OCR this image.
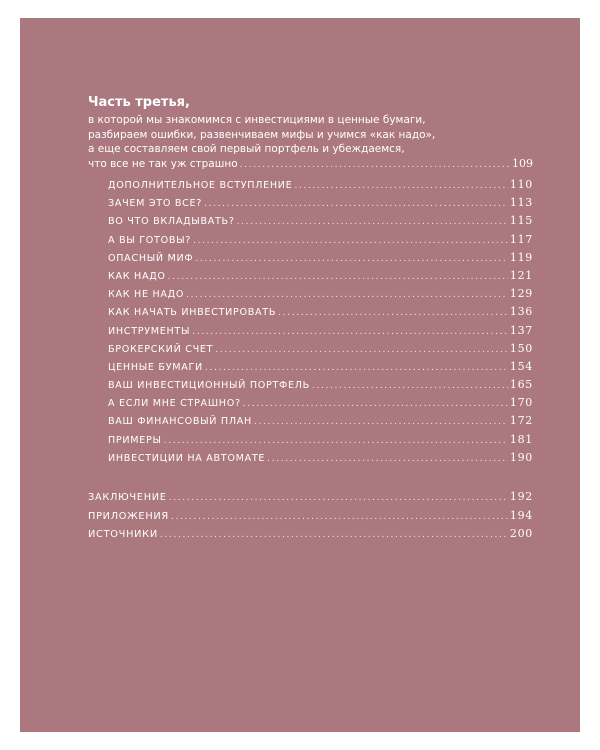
Часть третья,
в которой мы знакомимся с инвестициями в ценные бумаги,
разбираем ошибки, развенчиваем мифы и учимся «как надо»,
а еще составляем свой первый портфель и убеждаемся,
что все не так уж страшно . . .	109
ДОПОЛНИТЕЛЬНОЕ ВСТУПЛЕНИЕ . . .	110
ЗАЧЕМ ЭТО ВСЕ? . . .	113
ВО ЧТО ВКЛАДЫВАТЬ? . . .	115
А ВЫ ГОТОВЫ? . . .	117
ОПАСНЫЙ МИФ . . .	119
КАК НАДО . . .	121
КАК НЕ НАДО . . .	129
КАК НАЧАТЬ ИНВЕСТИРОВАТЬ . . .	136
ИНСТРУМЕНТЫ . . .	137
БРОКЕРСКИЙ СЧЕТ . . .	150
ЦЕННЫЕ БУМАГИ . . .	154
ВАШ ИНВЕСТИЦИОННЫЙ ПОРТФЕЛЬ . . .	165
А ЕСЛИ МНЕ СТРАШНО? . . .	170
ВАШ ФИНАНСОВЫЙ ПЛАН . . .	172
ПРИМЕРЫ . . .	181
ИНВЕСТИЦИИ НА АВТОМАТЕ . . .	190
ЗАКЛЮЧЕНИЕ . . .	192
ПРИЛОЖЕНИЯ . . .	194
ИСТОЧНИКИ . . .	200
